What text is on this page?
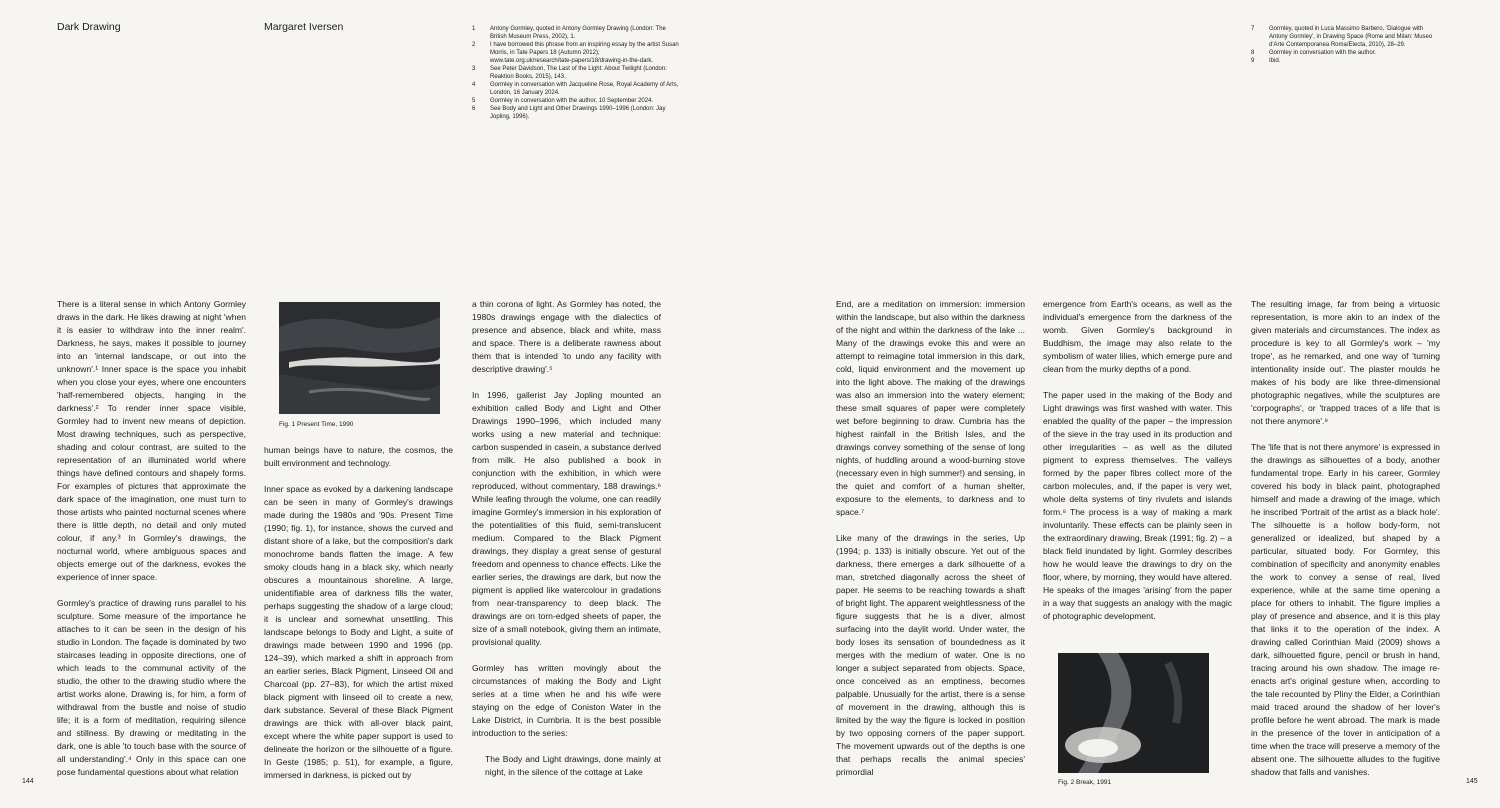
Dark Drawing	Margaret Iversen	1	Antony Gormley, quoted in Antony Gormley Drawing (London: The British Museum Press, 2002), 1.
2	I have borrowed this phrase from an inspiring essay by the artist Susan Morris, in Tate Papers 18 (Autumn 2012); www.tate.org.uk/research/tate-papers/18/drawing-in-the-dark.
3	See Peter Davidson, The Last of the Light: About Twilight (London: Reaktion Books, 2015), 143.
4	Gormley in conversation with Jacqueline Rose, Royal Academy of Arts, London, 16 January 2024.
5	Gormley in conversation with the author, 10 September 2024.
6	See Body and Light and Other Drawings 1990–1996 (London: Jay Jopling, 1996).
7	Gormley, quoted in Luca Massimo Barbero, 'Dialogue with Antony Gormley', in Drawing Space (Rome and Milan: Museo d'Arte Contemporanea Roma/Electa, 2010), 28–29.
8	Gormley in conversation with the author.
9	Ibid.

There is a literal sense in which Antony Gormley draws in the dark. He likes drawing at night 'when it is easier to withdraw into the inner realm'. Darkness, he says, makes it possible to journey into an 'internal landscape, or out into the unknown'.¹ Inner space is the space you inhabit when you close your eyes, where one encounters 'half-remembered objects, hanging in the darkness'.² To render inner space visible, Gormley had to invent new means of depiction. Most drawing techniques, such as perspective, shading and colour contrast, are suited to the representation of an illuminated world where things have defined contours and shapely forms. For examples of pictures that approximate the dark space of the imagination, one must turn to those artists who painted nocturnal scenes where there is little depth, no detail and only muted colour, if any.³ In Gormley's drawings, the nocturnal world, where ambiguous spaces and objects emerge out of the darkness, evokes the experience of inner space.

Gormley's practice of drawing runs parallel to his sculpture. Some measure of the importance he attaches to it can be seen in the design of his studio in London. The façade is dominated by two staircases leading in opposite directions, one of which leads to the communal activity of the studio, the other to the drawing studio where the artist works alone. Drawing is, for him, a form of withdrawal from the bustle and noise of studio life; it is a form of meditation, requiring silence and stillness. By drawing or meditating in the dark, one is able 'to touch base with the source of all understanding'.⁴ Only in this space can one pose fundamental questions about what relation

Fig. 1 Present Time, 1990

human beings have to nature, the cosmos, the built environment and technology.

Inner space as evoked by a darkening landscape can be seen in many of Gormley's drawings made during the 1980s and '90s. Present Time (1990; fig. 1), for instance, shows the curved and distant shore of a lake, but the composition's dark monochrome bands flatten the image. A few smoky clouds hang in a black sky, which nearly obscures a mountainous shoreline. A large, unidentifiable area of darkness fills the water, perhaps suggesting the shadow of a large cloud; it is unclear and somewhat unsettling. This landscape belongs to Body and Light, a suite of drawings made between 1990 and 1996 (pp. 124–39), which marked a shift in approach from an earlier series, Black Pigment, Linseed Oil and Charcoal (pp. 27–83), for which the artist mixed black pigment with linseed oil to create a new, dark substance. Several of these Black Pigment drawings are thick with all-over black paint, except where the white paper support is used to delineate the horizon or the silhouette of a figure. In Geste (1985; p. 51), for example, a figure, immersed in darkness, is picked out by

a thin corona of light. As Gormley has noted, the 1980s drawings engage with the dialectics of presence and absence, black and white, mass and space. There is a deliberate rawness about them that is intended 'to undo any facility with descriptive drawing'.⁵

In 1996, gallerist Jay Jopling mounted an exhibition called Body and Light and Other Drawings 1990–1996, which included many works using a new material and technique: carbon suspended in casein, a substance derived from milk. He also published a book in conjunction with the exhibition, in which were reproduced, without commentary, 188 drawings.⁶ While leafing through the volume, one can readily imagine Gormley's immersion in his exploration of the potentialities of this fluid, semi-translucent medium. Compared to the Black Pigment drawings, they display a great sense of gestural freedom and openness to chance effects. Like the earlier series, the drawings are dark, but now the pigment is applied like watercolour in gradations from near-transparency to deep black. The drawings are on torn-edged sheets of paper, the size of a small notebook, giving them an intimate, provisional quality.

Gormley has written movingly about the circumstances of making the Body and Light series at a time when he and his wife were staying on the edge of Coniston Water in the Lake District, in Cumbria. It is the best possible introduction to the series:

The Body and Light drawings, done mainly at night, in the silence of the cottage at Lake

144

End, are a meditation on immersion: immersion within the landscape, but also within the darkness of the night and within the darkness of the lake ... Many of the drawings evoke this and were an attempt to reimagine total immersion in this dark, cold, liquid environment and the movement up into the light above. The making of the drawings was also an immersion into the watery element; these small squares of paper were completely wet before beginning to draw. Cumbria has the highest rainfall in the British Isles, and the drawings convey something of the sense of long nights, of huddling around a wood-burning stove (necessary even in high summer!) and sensing, in the quiet and comfort of a human shelter, exposure to the elements, to darkness and to space.⁷

Like many of the drawings in the series, Up (1994; p. 133) is initially obscure. Yet out of the darkness, there emerges a dark silhouette of a man, stretched diagonally across the sheet of paper. He seems to be reaching towards a shaft of bright light. The apparent weightlessness of the figure suggests that he is a diver, almost surfacing into the daylit world. Under water, the body loses its sensation of boundedness as it merges with the medium of water. One is no longer a subject separated from objects. Space, once conceived as an emptiness, becomes palpable. Unusually for the artist, there is a sense of movement in the drawing, although this is limited by the way the figure is locked in position by two opposing corners of the paper support. The movement upwards out of the depths is one that perhaps recalls the animal species' primordial

emergence from Earth's oceans, as well as the individual's emergence from the darkness of the womb. Given Gormley's background in Buddhism, the image may also relate to the symbolism of water lilies, which emerge pure and clean from the murky depths of a pond.

The paper used in the making of the Body and Light drawings was first washed with water. This enabled the quality of the paper – the impression of the sieve in the tray used in its production and other irregularities – as well as the diluted pigment to express themselves. The valleys formed by the paper fibres collect more of the carbon molecules, and, if the paper is very wet, whole delta systems of tiny rivulets and islands form.⁸ The process is a way of making a mark involuntarily. These effects can be plainly seen in the extraordinary drawing, Break (1991; fig. 2) – a black field inundated by light. Gormley describes how he would leave the drawings to dry on the floor, where, by morning, they would have altered. He speaks of the images 'arising' from the paper in a way that suggests an analogy with the magic of photographic development.

Fig. 2 Break, 1991

The resulting image, far from being a virtuosic representation, is more akin to an index of the given materials and circumstances. The index as procedure is key to all Gormley's work – 'my trope', as he remarked, and one way of 'turning intentionality inside out'. The plaster moulds he makes of his body are like three-dimensional photographic negatives, while the sculptures are 'corpographs', or 'trapped traces of a life that is not there anymore'.⁹

The 'life that is not there anymore' is expressed in the drawings as silhouettes of a body, another fundamental trope. Early in his career, Gormley covered his body in black paint, photographed himself and made a drawing of the image, which he inscribed 'Portrait of the artist as a black hole'. The silhouette is a hollow body-form, not generalized or idealized, but shaped by a particular, situated body. For Gormley, this combination of specificity and anonymity enables the work to convey a sense of real, lived experience, while at the same time opening a place for others to inhabit. The figure implies a play of presence and absence, and it is this play that links it to the operation of the index. A drawing called Corinthian Maid (2009) shows a dark, silhouetted figure, pencil or brush in hand, tracing around his own shadow. The image re-enacts art's original gesture when, according to the tale recounted by Pliny the Elder, a Corinthian maid traced around the shadow of her lover's profile before he went abroad. The mark is made in the presence of the lover in anticipation of a time when the trace will preserve a memory of the absent one. The silhouette alludes to the fugitive shadow that falls and vanishes.

145
